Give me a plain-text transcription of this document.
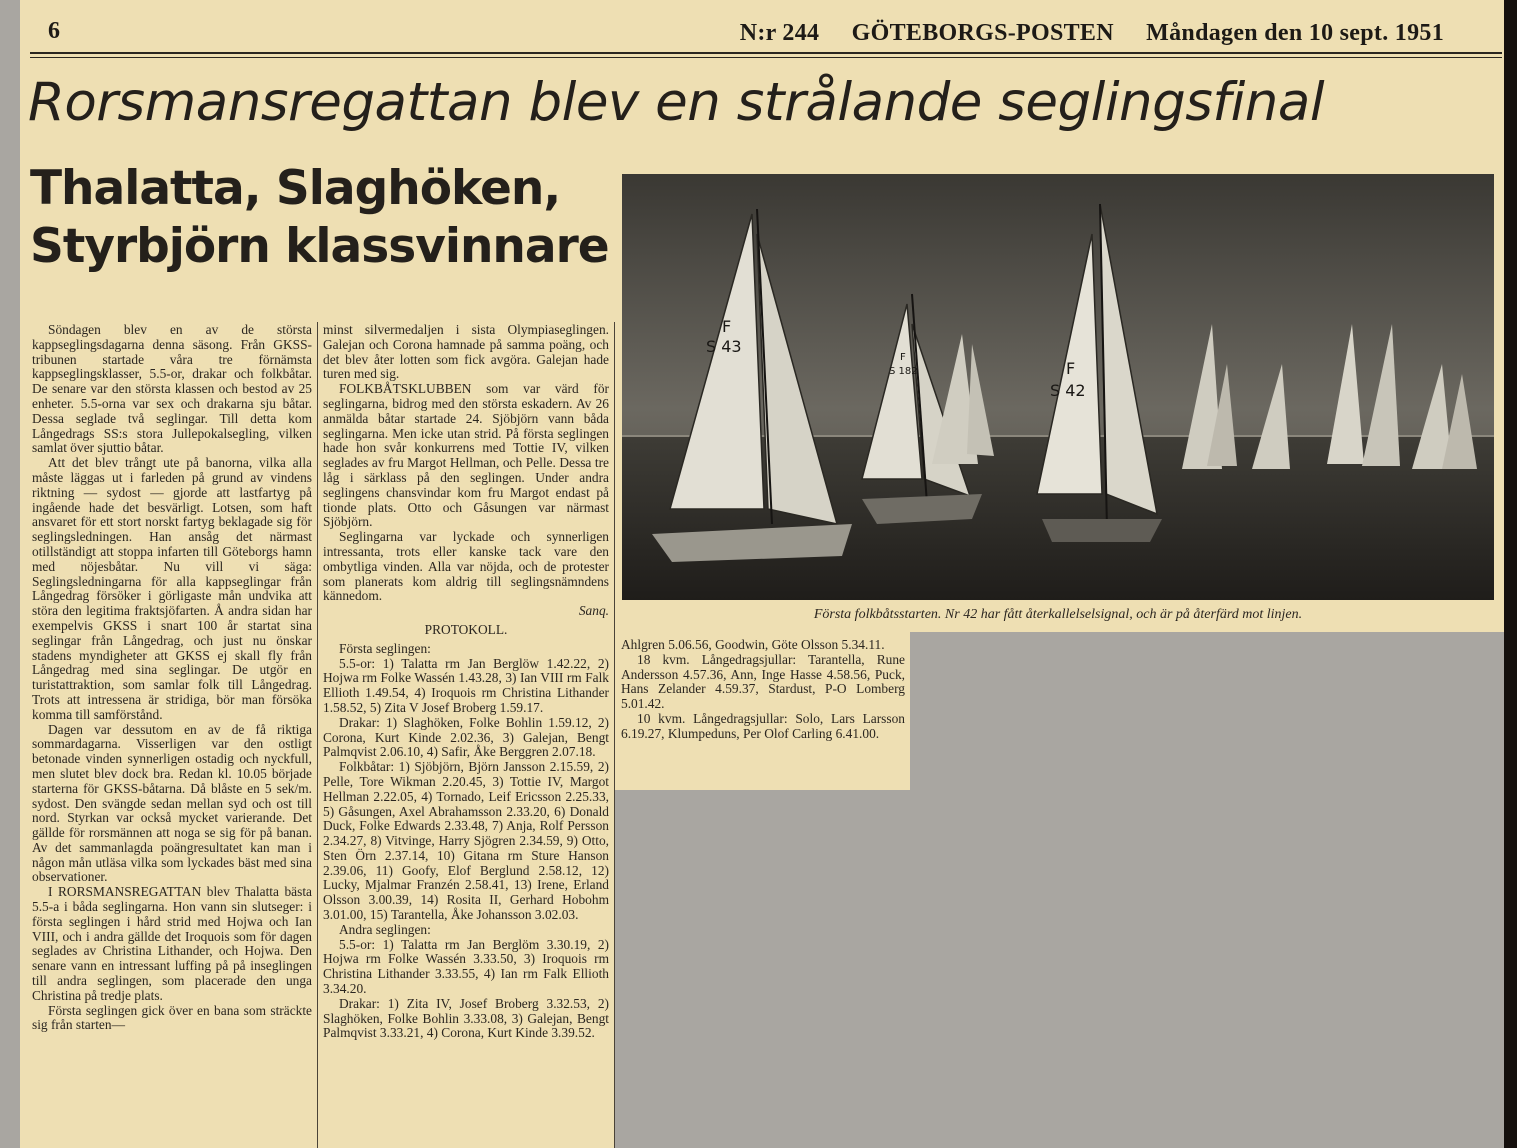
6	N:r 244 GÖTEBORGS-POSTEN Måndagen den 10 sept. 1951
Rorsmansregattan blev en strålande seglingsfinal
Thalatta, Slaghöken,
Styrbjörn klassvinnare

Söndagen blev en av de största kappseglingsdagarna denna säsong. Från GKSS-tribunen startade våra tre förnämsta kappseglingsklasser, 5.5-or, drakar och folkbåtar. De senare var den största klassen och bestod av 25 enheter. 5.5-orna var sex och drakarna sju båtar. Dessa seglade två seglingar. Till detta kom Långedrags SS:s stora Jullepokalsegling, vilken samlat över sjuttio båtar.

Att det blev trångt ute på banorna, vilka alla måste läggas ut i farleden på grund av vindens riktning — sydost — gjorde att lastfartyg på ingående hade det besvärligt. Lotsen, som haft ansvaret för ett stort norskt fartyg beklagade sig för seglingsledningen. Han ansåg det närmast otillständigt att stoppa infarten till Göteborgs hamn med nöjesbåtar. Nu vill vi säga: Seglingsledningarna för alla kappseglingar från Långedrag försöker i görligaste mån undvika att störa den legitima fraktsjöfarten. Å andra sidan har exempelvis GKSS i snart 100 år startat sina seglingar från Långedrag, och just nu önskar stadens myndigheter att GKSS ej skall fly från Långedrag med sina seglingar. De utgör en turistattraktion, som samlar folk till Långedrag. Trots att intressena är stridiga, bör man försöka komma till samförstånd.

Dagen var dessutom en av de få riktiga sommardagarna. Visserligen var den ostligt betonade vinden synnerligen ostadig och nyckfull, men slutet blev dock bra. Redan kl. 10.05 började starterna för GKSS-båtarna. Då blåste en 5 sek/m. sydost. Den svängde sedan mellan syd och ost till nord. Styrkan var också mycket varierande. Det gällde för rorsmännen att noga se sig för på banan. Av det sammanlagda poängresultatet kan man i någon mån utläsa vilka som lyckades bäst med sina observationer.

I RORSMANSREGATTAN blev Thalatta bästa 5.5-a i båda seglingarna. Hon vann sin slutseger: i första seglingen i hård strid med Hojwa och Ian VIII, och i andra gällde det Iroquois som för dagen seglades av Christina Lithander, och Hojwa. Den senare vann en intressant luffing på på inseglingen till andra seglingen, som placerade den unga Christina på tredje plats.

Första seglingen gick över en bana som sträckte sig från starten—

minst silvermedaljen i sista Olympiaseglingen. Galejan och Corona hamnade på samma poäng, och det blev åter lotten som fick avgöra. Galejan hade turen med sig.

FOLKBÅTSKLUBBEN som var värd för seglingarna, bidrog med den största eskadern. Av 26 anmälda båtar startade 24. Sjöbjörn vann båda seglingarna. Men icke utan strid. På första seglingen hade hon svår konkurrens med Tottie IV, vilken seglades av fru Margot Hellman, och Pelle. Dessa tre låg i särklass på den seglingen. Under andra seglingens chansvindar kom fru Margot endast på tionde plats. Otto och Gåsungen var närmast Sjöbjörn.

Seglingarna var lyckade och synnerligen intressanta, trots eller kanske tack vare den ombytliga vinden. Alla var nöjda, och de protester som planerats kom aldrig till seglingsnämndens kännedom.

Sanq.

PROTOKOLL.

Första seglingen:

5.5-or: 1) Talatta rm Jan Berglöw 1.42.22, 2) Hojwa rm Folke Wassén 1.43.28, 3) Ian VIII rm Falk Ellioth 1.49.54, 4) Iroquois rm Christina Lithander 1.58.52, 5) Zita V Josef Broberg 1.59.17.

Drakar: 1) Slaghöken, Folke Bohlin 1.59.12, 2) Corona, Kurt Kinde 2.02.36, 3) Galejan, Bengt Palmqvist 2.06.10, 4) Safir, Åke Berggren 2.07.18.

Folkbåtar: 1) Sjöbjörn, Björn Jansson 2.15.59, 2) Pelle, Tore Wikman 2.20.45, 3) Tottie IV, Margot Hellman 2.22.05, 4) Tornado, Leif Ericsson 2.25.33, 5) Gåsungen, Axel Abrahamsson 2.33.20, 6) Donald Duck, Folke Edwards 2.33.48, 7) Anja, Rolf Persson 2.34.27, 8) Vitvinge, Harry Sjögren 2.34.59, 9) Otto, Sten Örn 2.37.14, 10) Gitana rm Sture Hanson 2.39.06, 11) Goofy, Elof Berglund 2.58.12, 12) Lucky, Mjalmar Franzén 2.58.41, 13) Irene, Erland Olsson 3.00.39, 14) Rosita II, Gerhard Hobohm 3.01.00, 15) Tarantella, Åke Johansson 3.02.03.

Andra seglingen:

5.5-or: 1) Talatta rm Jan Berglöm 3.30.19, 2) Hojwa rm Folke Wassén 3.33.50, 3) Iroquois rm Christina Lithander 3.33.55, 4) Ian rm Falk Ellioth 3.34.20.

Drakar: 1) Zita IV, Josef Broberg 3.32.53, 2) Slaghöken, Folke Bohlin 3.33.08, 3) Galejan, Bengt Palmqvist 3.33.21, 4) Corona, Kurt Kinde 3.39.52.

F
S 43
F
S 182	F
S 42
Första folkbåtsstarten. Nr 42 har fått återkallelselsignal, och är på återfärd mot linjen.

Ahlgren 5.06.56, Goodwin, Göte Olsson 5.34.11.

18 kvm. Långedragsjullar: Tarantella, Rune Andersson 4.57.36, Ann, Inge Hasse 4.58.56, Puck, Hans Zelander 4.59.37, Stardust, P-O Lomberg 5.01.42.

10 kvm. Långedragsjullar: Solo, Lars Larsson 6.19.27, Klumpeduns, Per Olof Carling 6.41.00.
